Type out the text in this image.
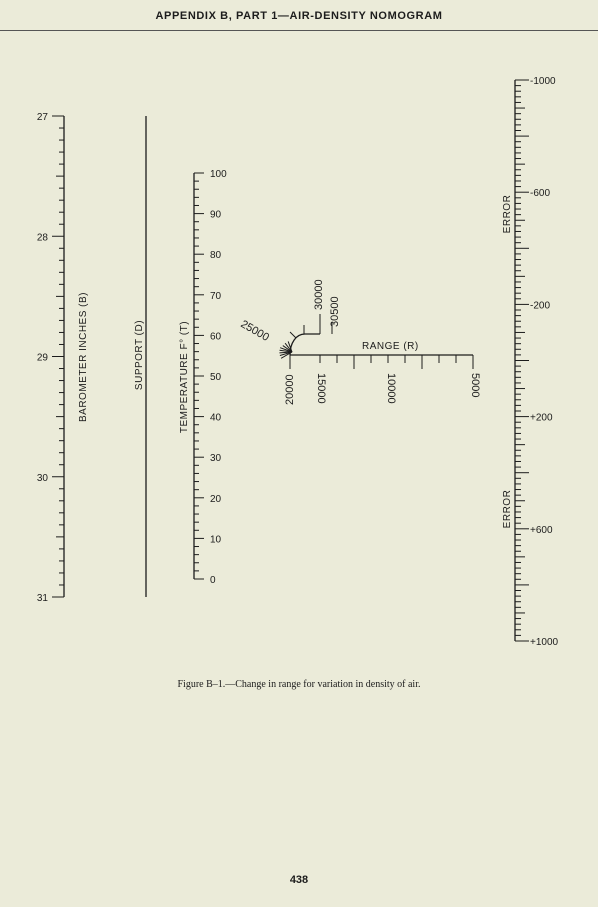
APPENDIX B, PART 1—AIR-DENSITY NOMOGRAM
27
28
29
30
31
BAROMETER INCHES (B)	SUPPORT (D)
100
90
80
70
60
50
40
30
20
10
0
TEMPERATURE F° (T)
-1000
-600
-200
+200
+600
+1000
ERROR
ERROR
15000	10000	5000
20000
RANGE (R)
25000
30000
30500
Figure B–1.—Change in range for variation in density of air.
438
